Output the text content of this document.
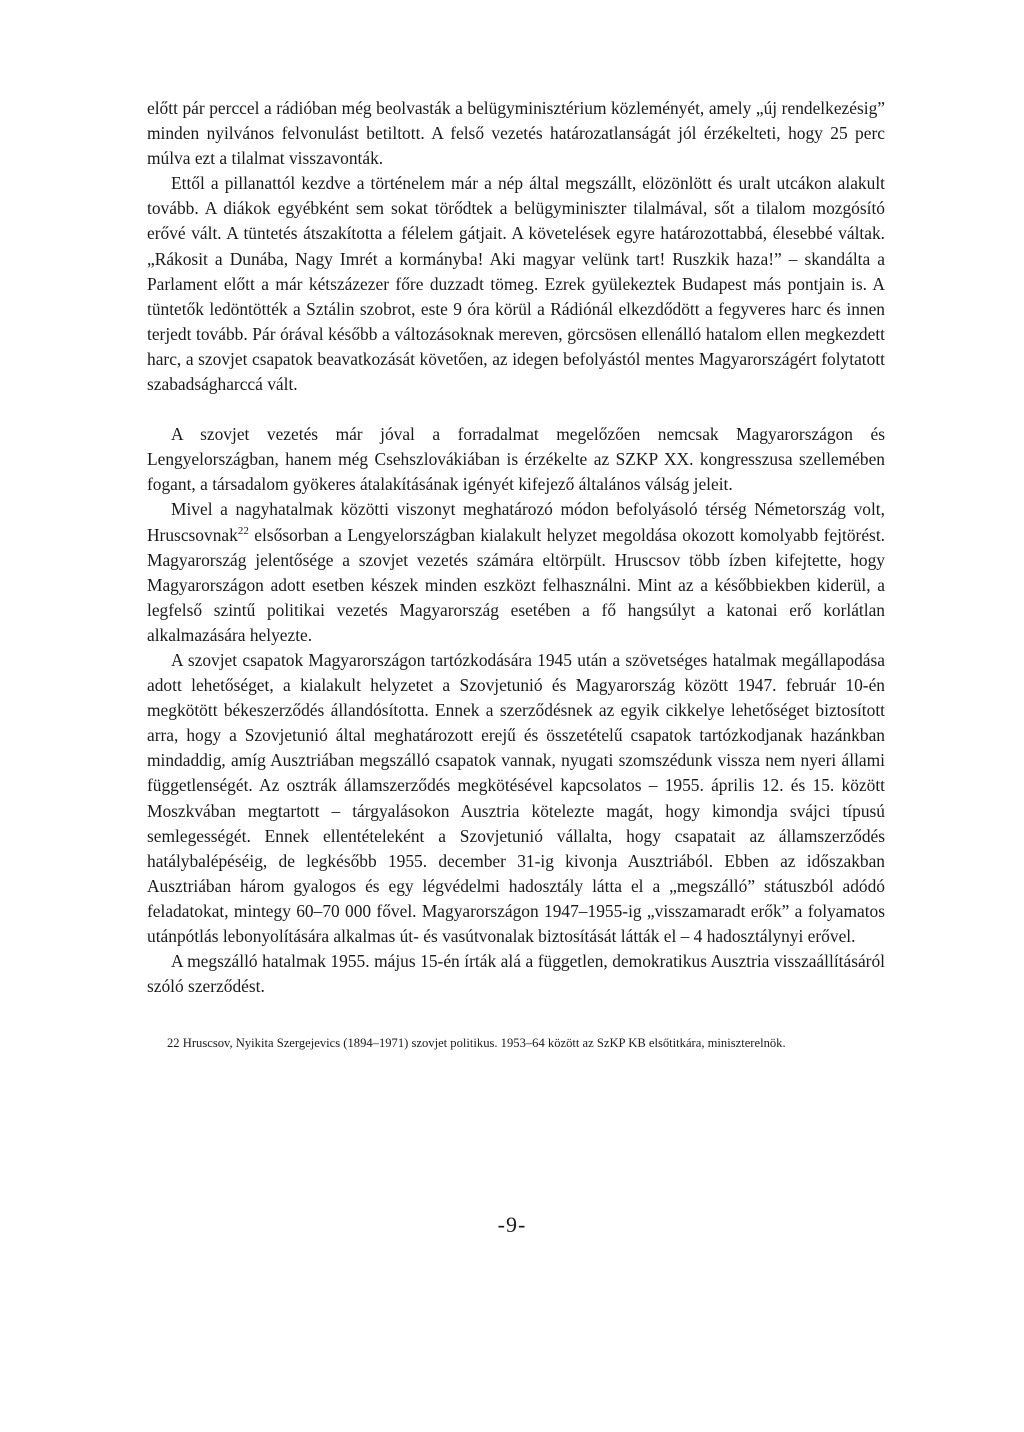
előtt pár perccel a rádióban még beolvasták a belügyminisztérium közleményét, amely „új rendelkezésig” minden nyilvános felvonulást betiltott. A felső vezetés határozatlanságát jól érzékelteti, hogy 25 perc múlva ezt a tilalmat visszavonták.

Ettől a pillanattól kezdve a történelem már a nép által megszállt, elözönlött és uralt utcákon alakult tovább. A diákok egyébként sem sokat törődtek a belügyminiszter tilalmával, sőt a tilalom mozgósító erővé vált. A tüntetés átszakította a félelem gátjait. A követelések egyre határozottabbá, élesebbé váltak. „Rákosit a Dunába, Nagy Imrét a kormányba! Aki magyar velünk tart! Ruszkik haza!” – skandálta a Parlament előtt a már kétszázezer főre duzzadt tömeg. Ezrek gyülekeztek Budapest más pontjain is. A tüntetők ledöntötték a Sztálin szobrot, este 9 óra körül a Rádiónál elkezdődött a fegyveres harc és innen terjedt tovább. Pár órával később a változásoknak mereven, görcsösen ellenálló hatalom ellen megkezdett harc, a szovjet csapatok beavatkozását követően, az idegen befolyástól mentes Magyarországért folytatott szabadságharccá vált.

A szovjet vezetés már jóval a forradalmat megelőzően nemcsak Magyarországon és Lengyelországban, hanem még Csehszlovákiában is érzékelte az SZKP XX. kongresszusa szellemében fogant, a társadalom gyökeres átalakításának igényét kifejező általános válság jeleit.

Mivel a nagyhatalmak közötti viszonyt meghatározó módon befolyásoló térség Németország volt, Hruscsovnak$^{22}$ elsősorban a Lengyelországban kialakult helyzet megoldása okozott komolyabb fejtörést. Magyarország jelentősége a szovjet vezetés számára eltörpült. Hruscsov több ízben kifejtette, hogy Magyarországon adott esetben készek minden eszközt felhasználni. Mint az a későbbiekben kiderül, a legfelső szintű politikai vezetés Magyarország esetében a fő hangsúlyt a katonai erő korlátlan alkalmazására helyezte.

A szovjet csapatok Magyarországon tartózkodására 1945 után a szövetséges hatalmak megállapodása adott lehetőséget, a kialakult helyzetet a Szovjetunió és Magyarország között 1947. február 10-én megkötött békeszerződés állandósította. Ennek a szerződésnek az egyik cikkelye lehetőséget biztosított arra, hogy a Szovjetunió által meghatározott erejű és összetételű csapatok tartózkodjanak hazánkban mindaddig, amíg Ausztriában megszálló csapatok vannak, nyugati szomszédunk vissza nem nyeri állami függetlenségét. Az osztrák államszerződés megkötésével kapcsolatos – 1955. április 12. és 15. között Moszkvában megtartott – tárgyalásokon Ausztria kötelezte magát, hogy kimondja svájci típusú semlegességét. Ennek ellentételeként a Szovjetunió vállalta, hogy csapatait az államszerződés hatálybalépéséig, de legkésőbb 1955. december 31-ig kivonja Ausztriából. Ebben az időszakban Ausztriában három gyalogos és egy légvédelmi hadosztály látta el a „megszálló” státuszból adódó feladatokat, mintegy 60–70 000 fővel. Magyarországon 1947–1955-ig „visszamaradt erők” a folyamatos utánpótlás lebonyolítására alkalmas út- és vasútvonalak biztosítását látták el – 4 hadosztálynyi erővel.

A megszálló hatalmak 1955. május 15-én írták alá a független, demokratikus Ausztria visszaállításáról szóló szerződést.

22 Hruscsov, Nyikita Szergejevics (1894–1971) szovjet politikus. 1953–64 között az SzKP KB elsőtitkára, miniszterelnök.

-9-
